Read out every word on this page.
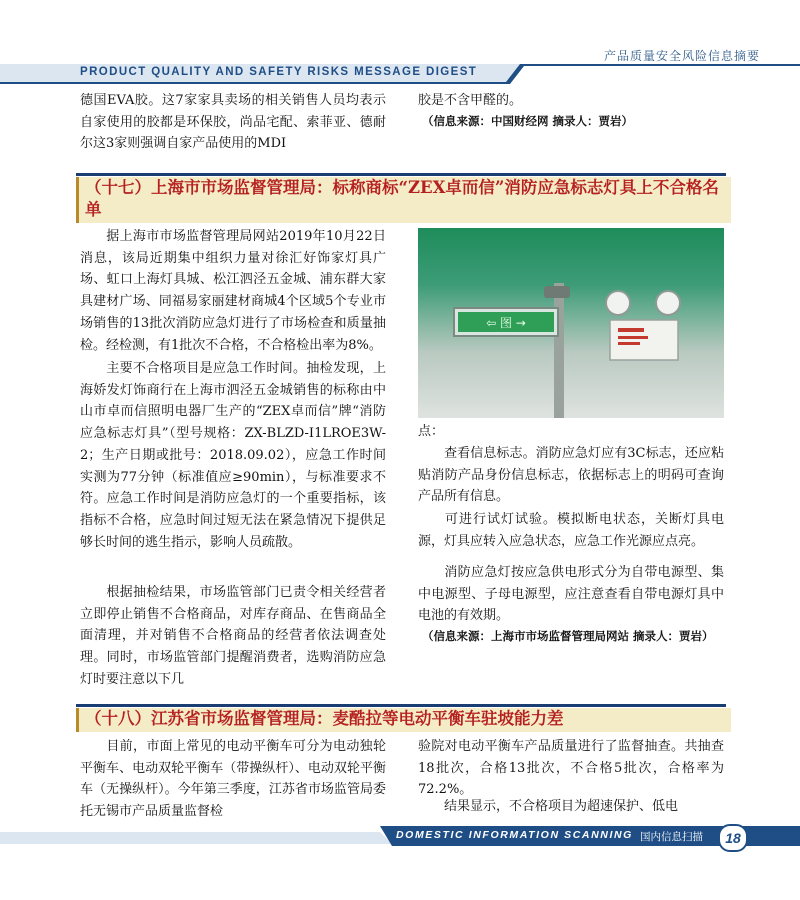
产品质量安全风险信息摘要
PRODUCT QUALITY AND SAFETY RISKS MESSAGE DIGEST
德国EVA胶。这7家家具卖场的相关销售人员均表示自家使用的胶都是环保胶，尚品宅配、索菲亚、德耐尔这3家则强调自家产品使用的MDI
胶是不含甲醛的。
（信息来源：中国财经网 摘录人：贾岩）
（十七）上海市市场监督管理局：标称商标“ZEX卓而信”消防应急标志灯具上不合格名单
据上海市市场监督管理局网站2019年10月22日消息，该局近期集中组织力量对徐汇好饰家灯具广场、虹口上海灯具城、松江泗泾五金城、浦东群大家具建材广场、同福易家丽建材商城4个区域5个专业市场销售的13批次消防应急灯进行了市场检查和质量抽检。经检测，有1批次不合格，不合格检出率为8%。
主要不合格项目是应急工作时间。抽检发现，上海娇发灯饰商行在上海市泗泾五金城销售的标称由中山市卓而信照明电器厂生产的“ZEX卓而信”牌“消防应急标志灯具”（型号规格：ZX-BLZD-I1LROE3W-2；生产日期或批号：2018.09.02），应急工作时间实测为77分钟（标准值应≥90min），与标准要求不符。应急工作时间是消防应急灯的一个重要指标，该指标不合格，应急时间过短无法在紧急情况下提供足够长时间的逃生指示，影响人员疏散。
根据抽检结果，市场监管部门已责令相关经营者立即停止销售不合格商品，对库存商品、在售商品全面清理，并对销售不合格商品的经营者依法调查处理。同时，市场监管部门提醒消费者，选购消防应急灯时要注意以下几
⇦ 图 →
点：
查看信息标志。消防应急灯应有3C标志，还应粘贴消防产品身份信息标志，依据标志上的明码可查询产品所有信息。
可进行试灯试验。模拟断电状态，关断灯具电源，灯具应转入应急状态，应急工作光源应点亮。
消防应急灯按应急供电形式分为自带电源型、集中电源型、子母电源型，应注意查看自带电源灯具中电池的有效期。
（信息来源：上海市市场监督管理局网站 摘录人：贾岩）
（十八）江苏省市场监督管理局：麦酷拉等电动平衡车驻坡能力差
目前，市面上常见的电动平衡车可分为电动独轮平衡车、电动双轮平衡车（带操纵杆）、电动双轮平衡车（无操纵杆）。今年第三季度，江苏省市场监管局委托无锡市产品质量监督检
验院对电动平衡车产品质量进行了监督抽查。共抽查18批次，合格13批次，不合格5批次，合格率为72.2%。
结果显示，不合格项目为超速保护、低电
DOMESTIC INFORMATION SCANNING 国内信息扫描	18
